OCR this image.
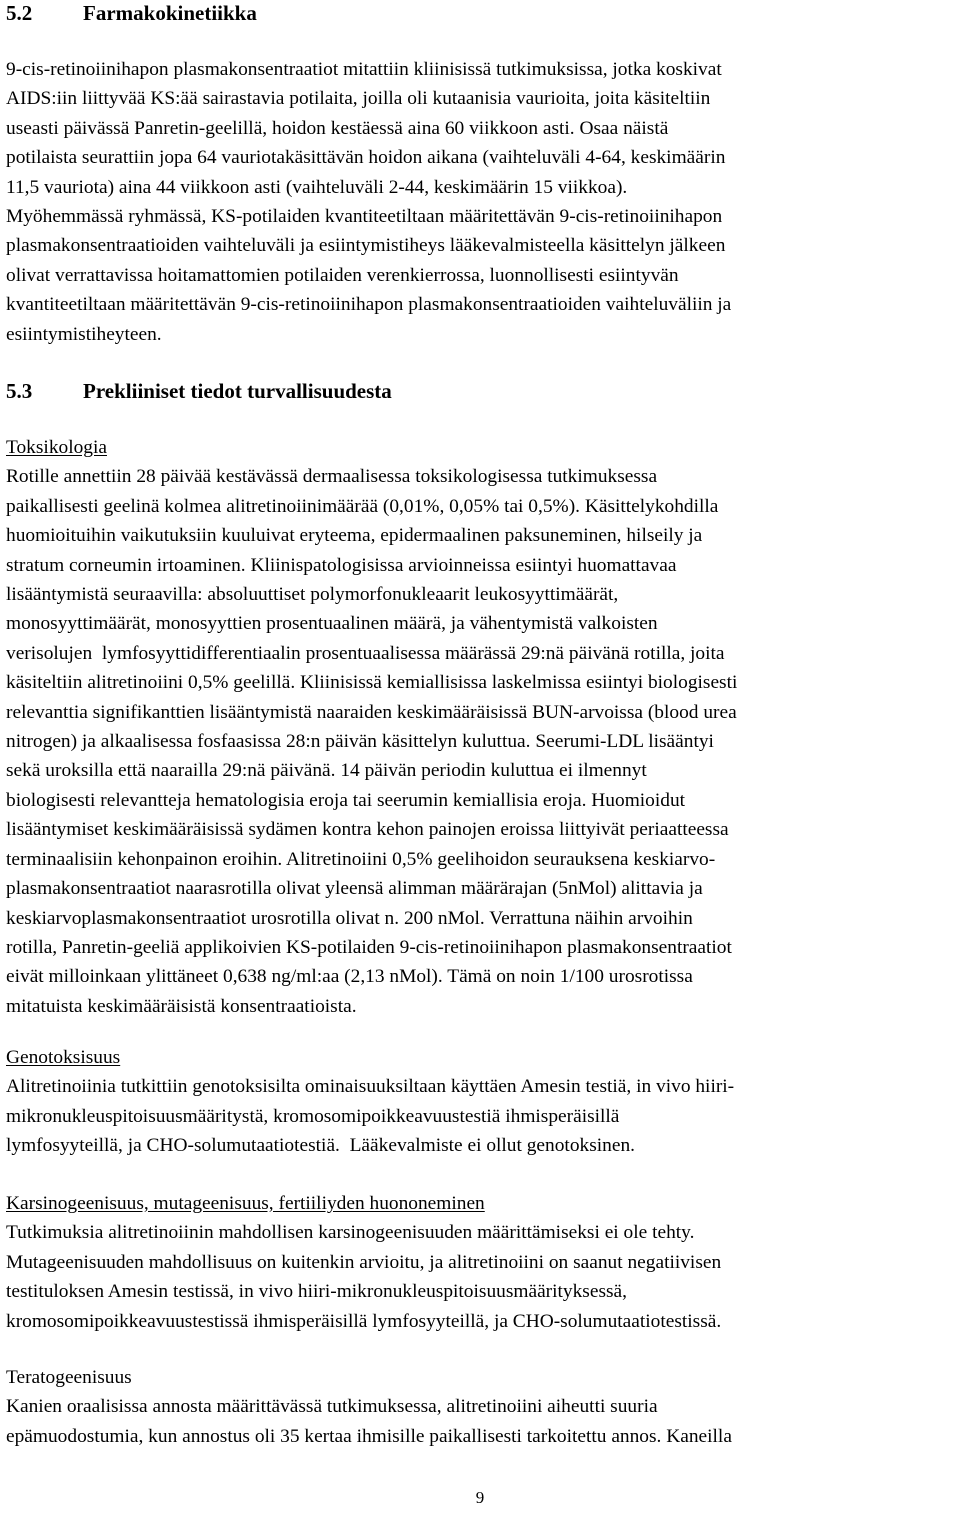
5.2	Farmakokinetiikka

9-cis-retinoiinihapon plasmakonsentraatiot mitattiin kliinisissä tutkimuksissa, jotka koskivat

AIDS:iin liittyvää KS:ää sairastavia potilaita, joilla oli kutaanisia vaurioita, joita käsiteltiin

useasti päivässä Panretin-geelillä, hoidon kestäessä aina 60 viikkoon asti. Osaa näistä

potilaista seurattiin jopa 64 vauriotakäsittävän hoidon aikana (vaihteluväli 4-64, keskimäärin

11,5 vauriota) aina 44 viikkoon asti (vaihteluväli 2-44, keskimäärin 15 viikkoa).

Myöhemmässä ryhmässä, KS-potilaiden kvantiteetiltaan määritettävän 9-cis-retinoiinihapon

plasmakonsentraatioiden vaihteluväli ja esiintymistiheys lääkevalmisteella käsittelyn jälkeen

olivat verrattavissa hoitamattomien potilaiden verenkierrossa, luonnollisesti esiintyvän

kvantiteetiltaan määritettävän 9-cis-retinoiinihapon plasmakonsentraatioiden vaihteluväliin ja

esiintymistiheyteen.

5.3	Prekliiniset tiedot turvallisuudesta

Toksikologia

Rotille annettiin 28 päivää kestävässä dermaalisessa toksikologisessa tutkimuksessa

paikallisesti geelinä kolmea alitretinoiinimäärää (0,01%, 0,05% tai 0,5%). Käsittelykohdilla

huomioituihin vaikutuksiin kuuluivat eryteema, epidermaalinen paksuneminen, hilseily ja

stratum corneumin irtoaminen. Kliinispatologisissa arvioinneissa esiintyi huomattavaa

lisääntymistä seuraavilla: absoluuttiset polymorfonukleaarit leukosyyttimäärät,

monosyyttimäärät, monosyyttien prosentuaalinen määrä, ja vähentymistä valkoisten

verisolujen  lymfosyyttidifferentiaalin prosentuaalisessa määrässä 29:nä päivänä rotilla, joita

käsiteltiin alitretinoiini 0,5% geelillä. Kliinisissä kemiallisissa laskelmissa esiintyi biologisesti

relevanttia signifikanttien lisääntymistä naaraiden keskimääräisissä BUN-arvoissa (blood urea

nitrogen) ja alkaalisessa fosfaasissa 28:n päivän käsittelyn kuluttua. Seerumi-LDL lisääntyi

sekä uroksilla että naarailla 29:nä päivänä. 14 päivän periodin kuluttua ei ilmennyt

biologisesti relevantteja hematologisia eroja tai seerumin kemiallisia eroja. Huomioidut

lisääntymiset keskimääräisissä sydämen kontra kehon painojen eroissa liittyivät periaatteessa

terminaalisiin kehonpainon eroihin. Alitretinoiini 0,5% geelihoidon seurauksena keskiarvo-

plasmakonsentraatiot naarasrotilla olivat yleensä alimman määrärajan (5nMol) alittavia ja

keskiarvoplasmakonsentraatiot urosrotilla olivat n. 200 nMol. Verrattuna näihin arvoihin

rotilla, Panretin-geeliä applikoivien KS-potilaiden 9-cis-retinoiinihapon plasmakonsentraatiot

eivät milloinkaan ylittäneet 0,638 ng/ml:aa (2,13 nMol). Tämä on noin 1/100 urosrotissa

mitatuista keskimääräisistä konsentraatioista.

Genotoksisuus

Alitretinoiinia tutkittiin genotoksisilta ominaisuuksiltaan käyttäen Amesin testiä, in vivo hiiri-

mikronukleuspitoisuusmääritystä, kromosomipoikkeavuustestiä ihmisperäisillä

lymfosyyteillä, ja CHO-solumutaatiotestiä.  Lääkevalmiste ei ollut genotoksinen.

Karsinogeenisuus, mutageenisuus, fertiiliyden huononeminen

Tutkimuksia alitretinoiinin mahdollisen karsinogeenisuuden määrittämiseksi ei ole tehty.

Mutageenisuuden mahdollisuus on kuitenkin arvioitu, ja alitretinoiini on saanut negatiivisen

testituloksen Amesin testissä, in vivo hiiri-mikronukleuspitoisuusmäärityksessä,

kromosomipoikkeavuustestissä ihmisperäisillä lymfosyyteillä, ja CHO-solumutaatiotestissä.

Teratogeenisuus

Kanien oraalisissa annosta määrittävässä tutkimuksessa, alitretinoiini aiheutti suuria

epämuodostumia, kun annostus oli 35 kertaa ihmisille paikallisesti tarkoitettu annos. Kaneilla

9
